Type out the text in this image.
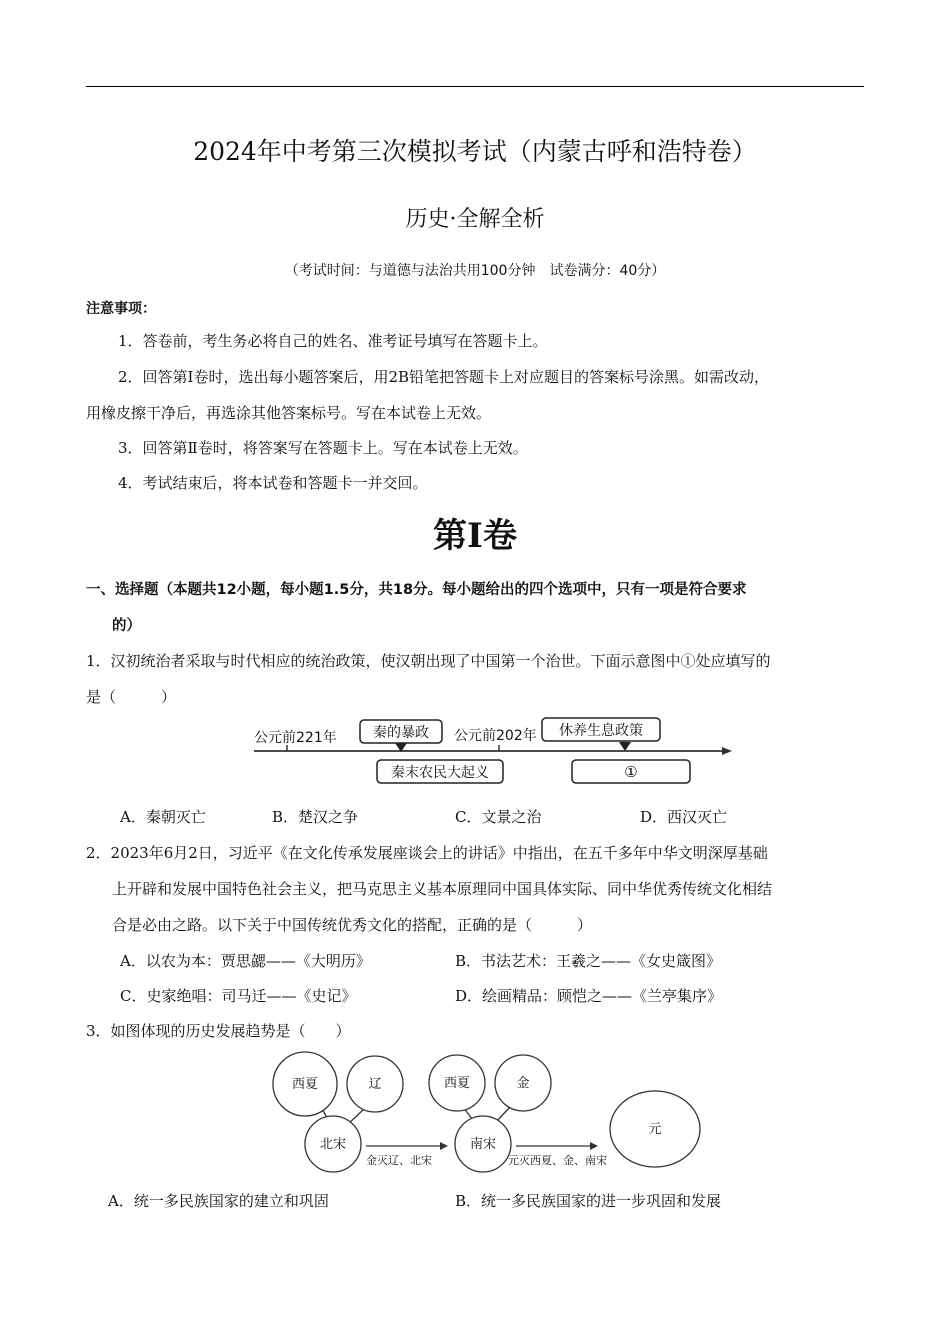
2024年中考第三次模拟考试（内蒙古呼和浩特卷）
历史·全解全析
（考试时间：与道德与法治共用100分钟　试卷满分：40分）
注意事项：
1．答卷前，考生务必将自己的姓名、准考证号填写在答题卡上。
2．回答第Ⅰ卷时，选出每小题答案后，用2B铅笔把答题卡上对应题目的答案标号涂黑。如需改动，
用橡皮擦干净后，再选涂其他答案标号。写在本试卷上无效。
3．回答第Ⅱ卷时，将答案写在答题卡上。写在本试卷上无效。
4．考试结束后，将本试卷和答题卡一并交回。
第Ⅰ卷
一、选择题（本题共12小题，每小题1.5分，共18分。每小题给出的四个选项中，只有一项是符合要求
的）
1．汉初统治者采取与时代相应的统治政策，使汉朝出现了中国第一个治世。下面示意图中①处应填写的
是（　　　）
公元前221年	公元前202年
秦的暴政	休养生息政策
秦末农民大起义	①
A．秦朝灭亡	B．楚汉之争	C．文景之治	D．西汉灭亡
2．2023年6月2日，习近平《在文化传承发展座谈会上的讲话》中指出，在五千多年中华文明深厚基础
上开辟和发展中国特色社会主义，把马克思主义基本原理同中国具体实际、同中华优秀传统文化相结
合是必由之路。以下关于中国传统优秀文化的搭配，正确的是（　　　）
A．以农为本：贾思勰——《大明历》	B．书法艺术：王羲之——《女史箴图》
C．史家绝唱：司马迁——《史记》	D．绘画精品：顾恺之——《兰亭集序》
3．如图体现的历史发展趋势是（　　）
西夏	辽
北宋
西夏	金
南宋
元
金灭辽、北宋	元灭西夏、金、南宋
A．统一多民族国家的建立和巩固	B．统一多民族国家的进一步巩固和发展
